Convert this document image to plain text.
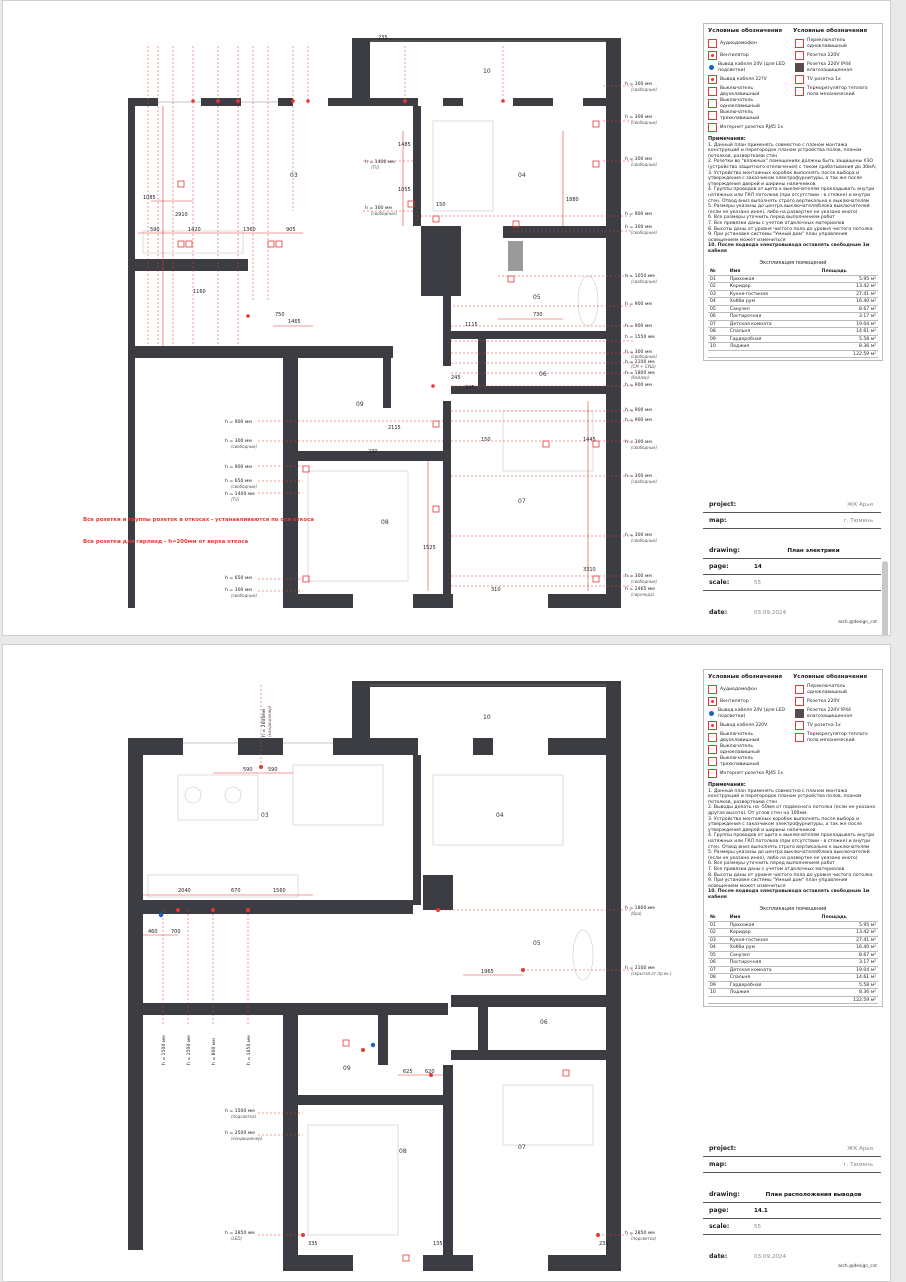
10
03	04
05
06
07
08
09
1420	1360	905
590
1160
1465
1085
2910
1485
1055
150
1880
750
1115
730
245
245
1445
1525
3310
230
150
310
235
2115
h = 300 мм
(свободные)
h = 300 мм
(свободные)
h = 300 мм
(свободные)
h = 900 мм
h = 300 мм
(свободные)
h = 1050 мм
(свободные)
h = 900 мм
h = 900 мм
h = 1550 мм
h = 300 мм
(свободные)
h = 2100 мм
(СМ + СУШ)
h = 1800 мм
(бойлер)
h = 900 мм
h = 900 мм
h = 900 мм
h = 300 мм
(свободные)
h = 300 мм
(свободные)
h = 300 мм
(свободные)
h = 300 мм
(свободные)
h = 2465 мм
(гирлянда)
h = 1400 мм
(TV)
h = 300 мм
(свободные)
h = 900 мм
h = 300 мм
(свободные)
h = 900 мм
h = 650 мм
(свободные)
h = 1400 мм
(TV)
h = 650 мм
h = 300 мм
(свободные)
Все розетки и группы розеток в откосах - устанавливаются по оси откоса
Все розетки для гирлянд - h=200мм от верха откоса
Условные обозначения	Условные обозначения
Аудиодомофон
Переключатель одноклавишный
Вентилятор	Розетка 220V
Вывод кабеля 24V (для LED подсветки)
Розетка 220V IP44 влагозащищенная
Вывод кабеля 22?V	TV розетка 1х
Выключатель двухклавишный
Терморегулятор теплого пола механический
Выключатель одноклавишный
Выключатель трехклавишный
Интернет розетка RJ45 1х
Примечания:

1. Данный план применять совместно с планом монтажа конструкций и перегородок планом устройства полов, планом потолков, развертками стен

2. Розетки во "влажных" помещениях должны быть защищены УЗО (устройство защитного отключения) с током срабатывания до 30мА;

3. Устройство монтажных коробок выполнять после выбора и утверждения с заказчиком электрофурнитуры, а так же после утверждения дверей и ширины наличников

4. Группы проводов от щита к выключателям прокладывать внутри натяжных или ГКЛ потолков (при отсутствии - в стяжке) и внутри стен. Отвод вниз выполнять строго вертикально к выключателям

5. Размеры указаны до центра выключателя/блока выключателей (если не указано иное), либо на развертке не указано иного)

6. Все размеры уточнить перед выполнением работ

7. Все привязки даны с учетом отделочных материалов

8. Высоты даны от уровня чистого пола до уровня чистого потолка

9. При установке системы "Умный дом" план управления освещением может измениться

10. После подвода электровывода оставлять свободным 1м кабеля

Экспликация помещений
№	Имя	Площадь
01	Прихожая	5.95 м²
02	Коридор	13.42 м²
03	Кухня-гостиная	27.41 м²
04	Хобби рум	16.40 м²
05	Санузел	8.67 м²
06	Постирочная	3.17 м²
07	Детская комната	19.04 м²
08	Спальня	14.61 м²
09	Гардеробная	5.58 м²
10	Лоджия	8.36 м²
		122.59 м²
project:	ЖК Арья
map:	г. Тюмень
drawing:	План электрики
page:	14
scale:	55
date:	03.09.2024
arch.@design_cvt
10
03	04
05
06
07
08
09
590	590
2040	670	1560
460	700
1965
625 620
135
335	235
h = 1800 мм
(бра)
h = 2100 мм
(скрытая от пр.ек.)
h = 2850 мм
(подсветка)
h = 1500 мм
(подсветка)
h = 2500 мм
(кондиционер)
h = 2850 мм
(LED)
h = 2600мм (кондиционер)
h = 1500 мм	h = 1500 мм	h = 800 мм	h = 1650 мм
Условные обозначения	Условные обозначения
Аудиодомофон
Переключатель одноклавишный
Вентилятор	Розетка 220V
Вывод кабеля 24V (для LED подсветки)
Розетка 220V IP44 влагозащищенная
Вывод кабеля 220V	TV розетка 1х
Выключатель двухклавишный
Терморегулятор теплого пола механический
Выключатель одноклавишный
Выключатель трехклавишный
Интернет розетка RJ45 1х
Примечания:

1. Данный план применять совместно с планом монтажа конструкций и перегородок планом устройства полов, планом потолков, развертками стен

2. Выводы делать на -50мм от подвесного потолка (если не указано другая высота). От углов стен на 100мм.

3. Устройство монтажных коробок выполнять после выбора и утверждения с заказчиком электрофурнитуры, а так же после утверждения дверей и ширины наличников

4. Группы проводов от щита к выключателям прокладывать внутри натяжных или ГКЛ потолков (при отсутствии - в стяжке) и внутри стен. Отвод вниз выполнять строго вертикально к выключателям

5. Размеры указаны до центра выключателя/блока выключателей (если не указано иное), либо на развертке не указано иного)

6. Все размеры уточнить перед выполнением работ

7. Все привязки даны с учетом отделочных материалов

8. Высоты даны от уровня чистого пола до уровня чистого потолка

9. При установке системы "Умный дом" план управления освещением может измениться

10. После подвода электровывода оставлять свободным 1м кабеля

Экспликация помещений
№	Имя	Площадь
01	Прихожая	5.95 м²
02	Коридор	13.42 м²
03	Кухня-гостиная	27.41 м²
04	Хобби рум	16.40 м²
05	Санузел	8.67 м²
06	Постирочная	3.17 м²
07	Детская комната	19.04 м²
08	Спальня	14.61 м²
09	Гардеробная	5.58 м²
10	Лоджия	8.36 м²
		122.59 м²
project:	ЖК Арья
map:	г. Тюмень
drawing:	План расположения выводов
page:	14.1
scale:	55
date:	03.09.2024
arch.@design_cvt
